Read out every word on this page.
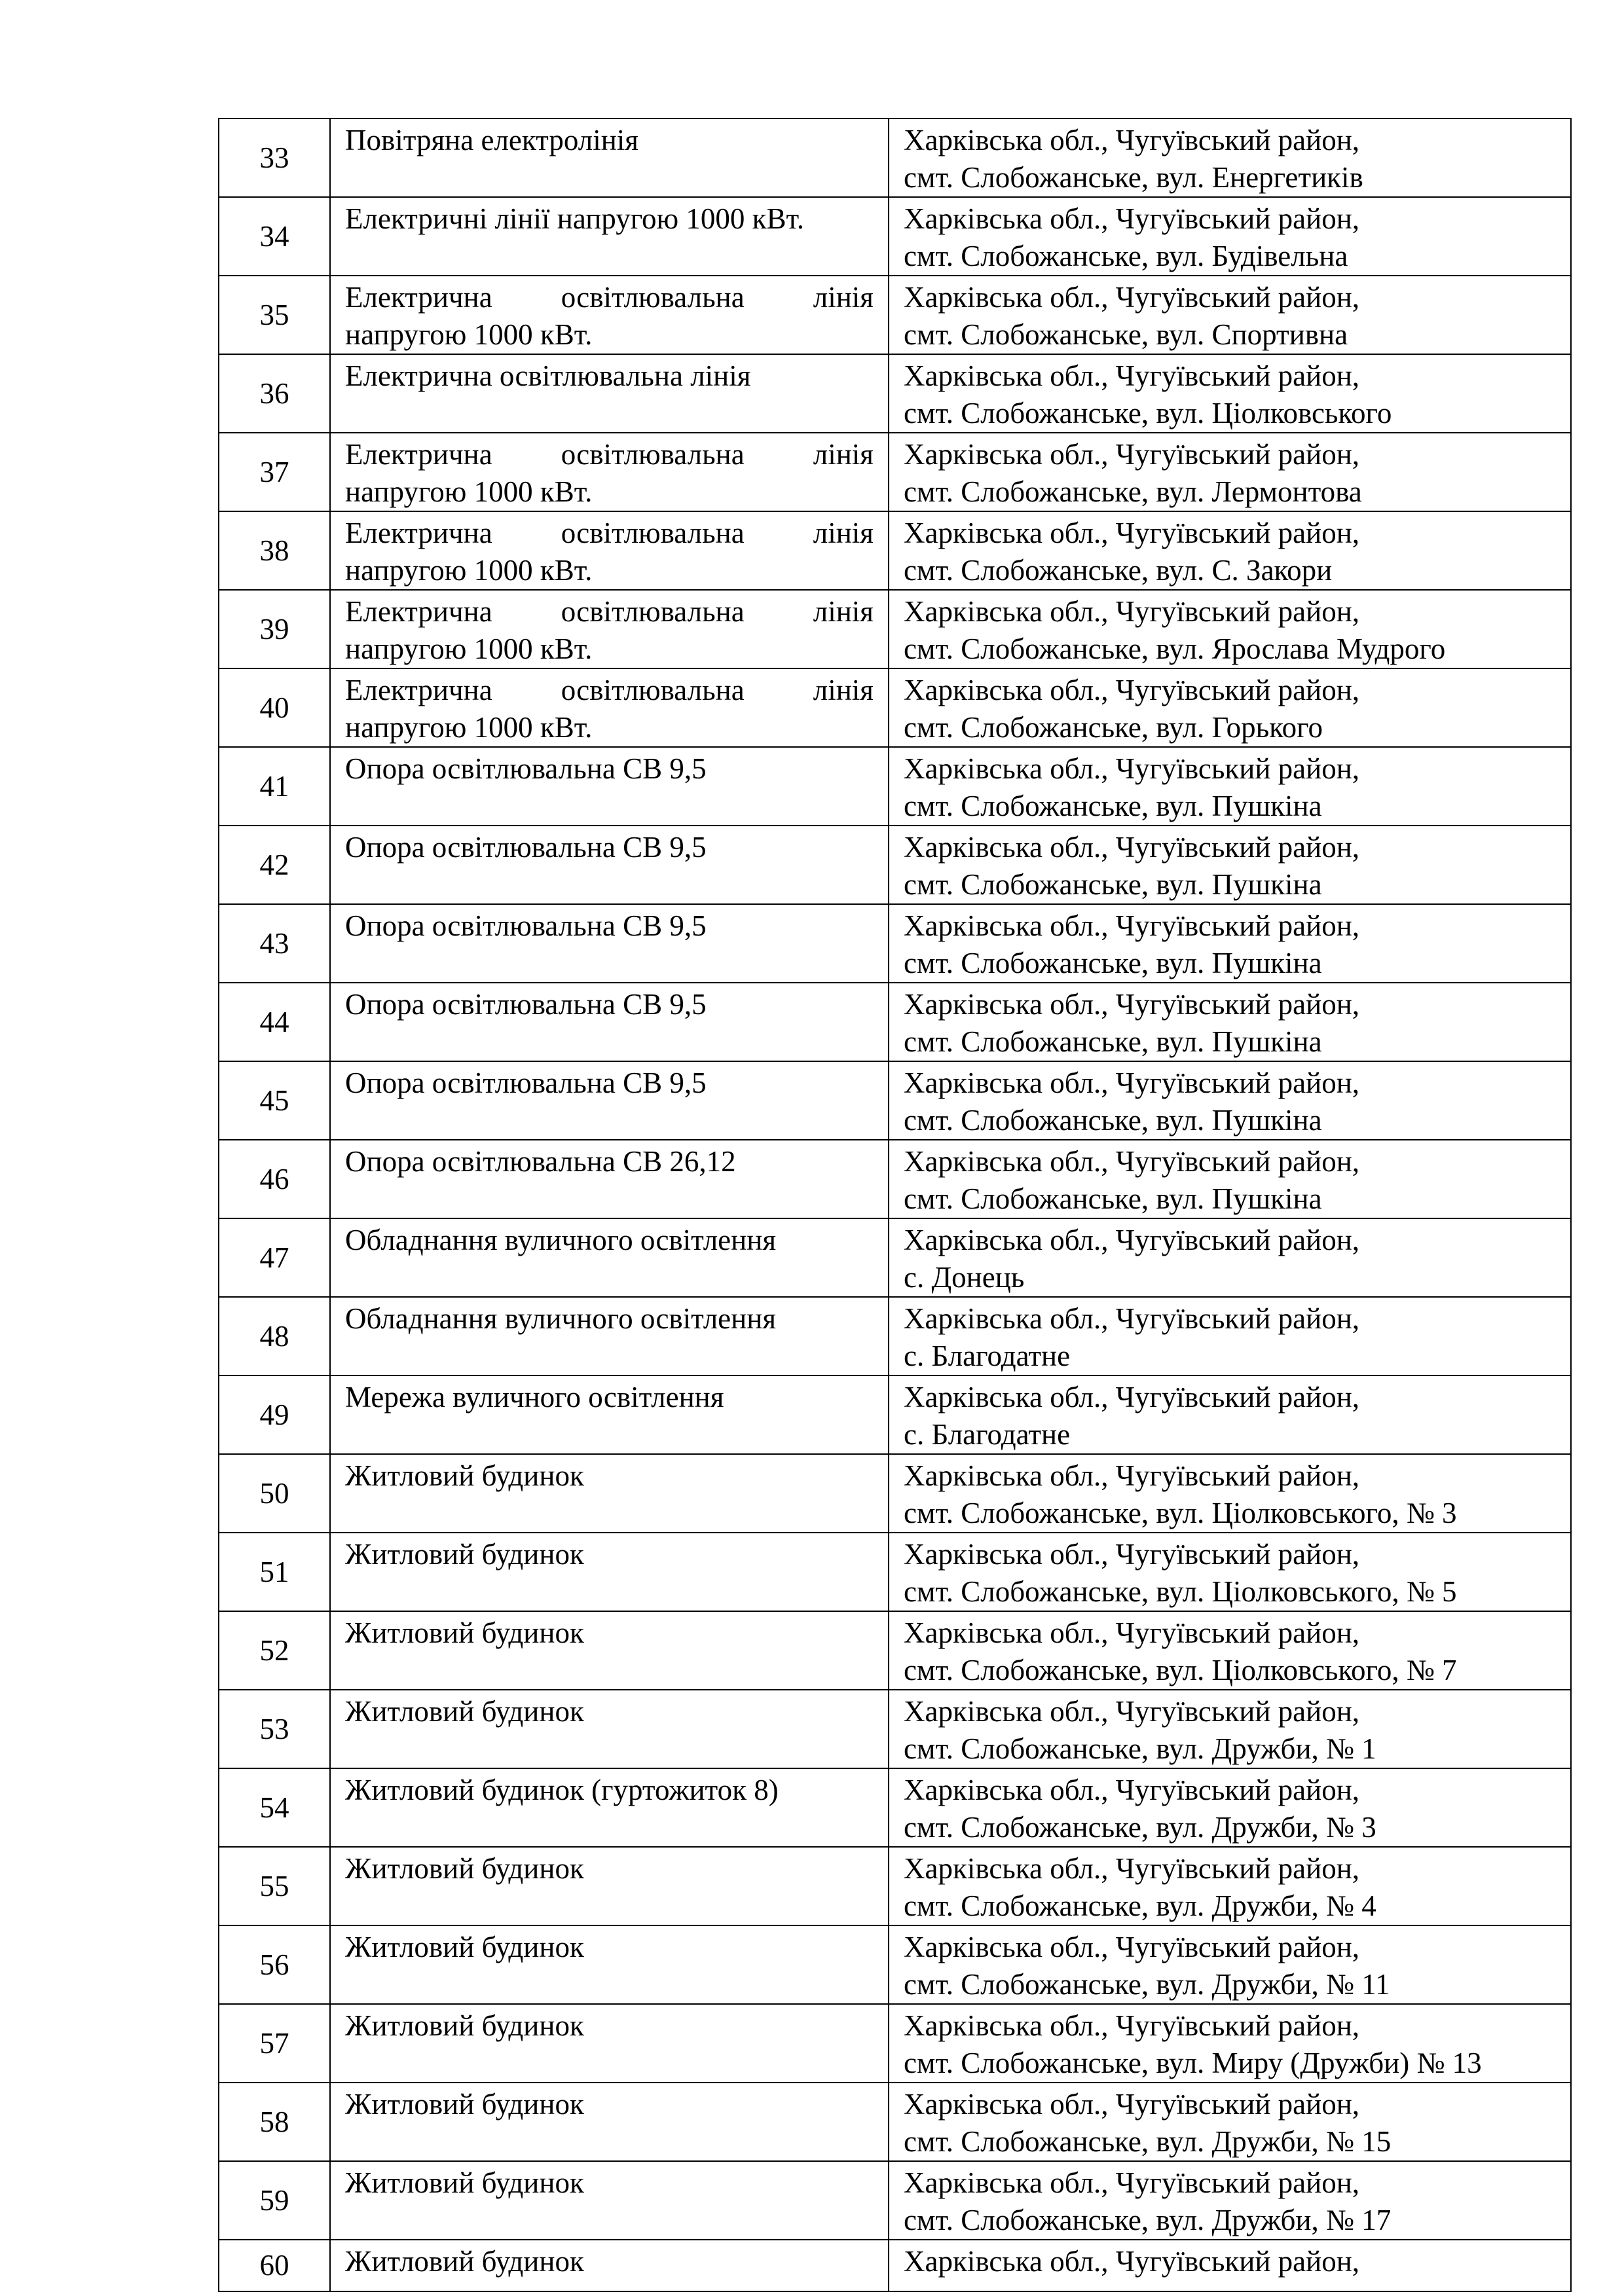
33	Повітряна електролінія	Харківська обл., Чугуївський район,
смт. Слобожанське, вул. Енергетиків

34	Електричні лінії напругою 1000 кВт.	Харківська обл., Чугуївський район,
смт. Слобожанське, вул. Будівельна

35	Електрична освітлювальна лінія
напругою 1000 кВт.	Харківська обл., Чугуївський район,
смт. Слобожанське, вул. Спортивна

36	Електрична освітлювальна лінія	Харківська обл., Чугуївський район,
смт. Слобожанське, вул. Ціолковського

37	Електрична освітлювальна лінія
напругою 1000 кВт.	Харківська обл., Чугуївський район,
смт. Слобожанське, вул. Лермонтова

38	Електрична освітлювальна лінія
напругою 1000 кВт.	Харківська обл., Чугуївський район,
смт. Слобожанське, вул. С. Закори

39	Електрична освітлювальна лінія
напругою 1000 кВт.	Харківська обл., Чугуївський район,
смт. Слобожанське, вул. Ярослава Мудрого

40	Електрична освітлювальна лінія
напругою 1000 кВт.	Харківська обл., Чугуївський район,
смт. Слобожанське, вул. Горького

41	Опора освітлювальна СВ 9,5	Харківська обл., Чугуївський район,
смт. Слобожанське, вул. Пушкіна

42	Опора освітлювальна СВ 9,5	Харківська обл., Чугуївський район,
смт. Слобожанське, вул. Пушкіна

43	Опора освітлювальна СВ 9,5	Харківська обл., Чугуївський район,
смт. Слобожанське, вул. Пушкіна

44	Опора освітлювальна СВ 9,5	Харківська обл., Чугуївський район,
смт. Слобожанське, вул. Пушкіна

45	Опора освітлювальна СВ 9,5	Харківська обл., Чугуївський район,
смт. Слобожанське, вул. Пушкіна

46	Опора освітлювальна СВ 26,12	Харківська обл., Чугуївський район,
смт. Слобожанське, вул. Пушкіна

47	Обладнання вуличного освітлення	Харківська обл., Чугуївський район,
с. Донець

48	Обладнання вуличного освітлення	Харківська обл., Чугуївський район,
с. Благодатне

49	Мережа вуличного освітлення	Харківська обл., Чугуївський район,
с. Благодатне

50	Житловий будинок	Харківська обл., Чугуївський район,
смт. Слобожанське, вул. Ціолковського, № 3

51	Житловий будинок	Харківська обл., Чугуївський район,
смт. Слобожанське, вул. Ціолковського, № 5

52	Житловий будинок	Харківська обл., Чугуївський район,
смт. Слобожанське, вул. Ціолковського, № 7

53	Житловий будинок	Харківська обл., Чугуївський район,
смт. Слобожанське, вул. Дружби, № 1

54	Житловий будинок (гуртожиток 8)	Харківська обл., Чугуївський район,
смт. Слобожанське, вул. Дружби, № 3

55	Житловий будинок	Харківська обл., Чугуївський район,
смт. Слобожанське, вул. Дружби, № 4

56	Житловий будинок	Харківська обл., Чугуївський район,
смт. Слобожанське, вул. Дружби, № 11

57	Житловий будинок	Харківська обл., Чугуївський район,
смт. Слобожанське, вул. Миру (Дружби) № 13

58	Житловий будинок	Харківська обл., Чугуївський район,
смт. Слобожанське, вул. Дружби, № 15

59	Житловий будинок	Харківська обл., Чугуївський район,
смт. Слобожанське, вул. Дружби, № 17

60	Житловий будинок	Харківська обл., Чугуївський район,
